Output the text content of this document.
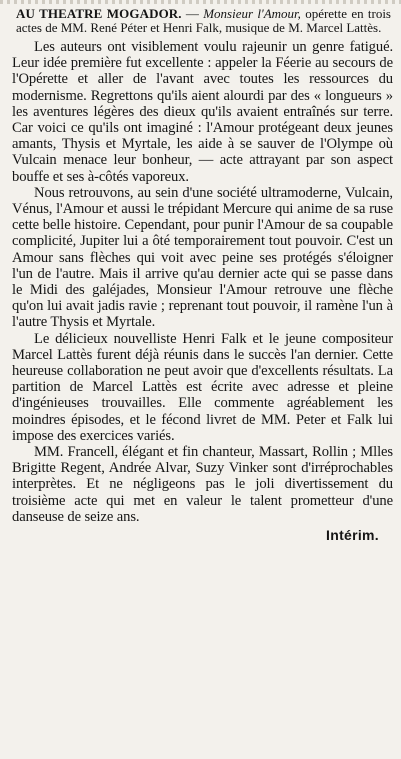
AU THEATRE MOGADOR. — Monsieur l'Amour, opérette en trois actes de MM. René Péter et Henri Falk, musique de M. Marcel Lattès.

Les auteurs ont visiblement voulu rajeunir un genre fatigué. Leur idée première fut excellente : appeler la Féerie au secours de l'Opérette et aller de l'avant avec toutes les ressources du modernisme. Regrettons qu'ils aient alourdi par des « longueurs » les aventures légères des dieux qu'ils avaient entraînés sur terre. Car voici ce qu'ils ont imaginé : l'Amour protégeant deux jeunes amants, Thysis et Myrtale, les aide à se sauver de l'Olympe où Vulcain menace leur bonheur, — acte attrayant par son aspect bouffe et ses à-côtés vaporeux.

Nous retrouvons, au sein d'une société ultramoderne, Vulcain, Vénus, l'Amour et aussi le trépidant Mercure qui anime de sa ruse cette belle histoire. Cependant, pour punir l'Amour de sa coupable complicité, Jupiter lui a ôté temporairement tout pouvoir. C'est un Amour sans flèches qui voit avec peine ses protégés s'éloigner l'un de l'autre. Mais il arrive qu'au dernier acte qui se passe dans le Midi des galéjades, Monsieur l'Amour retrouve une flèche qu'on lui avait jadis ravie ; reprenant tout pouvoir, il ramène l'un à l'autre Thysis et Myrtale.

Le délicieux nouvelliste Henri Falk et le jeune compositeur Marcel Lattès furent déjà réunis dans le succès l'an dernier. Cette heureuse collaboration ne peut avoir que d'excellents résultats. La partition de Marcel Lattès est écrite avec adresse et pleine d'ingénieuses trouvailles. Elle commente agréablement les moindres épisodes, et le fécond livret de MM. Peter et Falk lui impose des exercices variés.

MM. Francell, élégant et fin chanteur, Massart, Rollin ; Mlles Brigitte Regent, Andrée Alvar, Suzy Vinker sont d'irréprochables interprètes. Et ne négligeons pas le joli divertissement du troisième acte qui met en valeur le talent prometteur d'une danseuse de seize ans.

Intérim.
